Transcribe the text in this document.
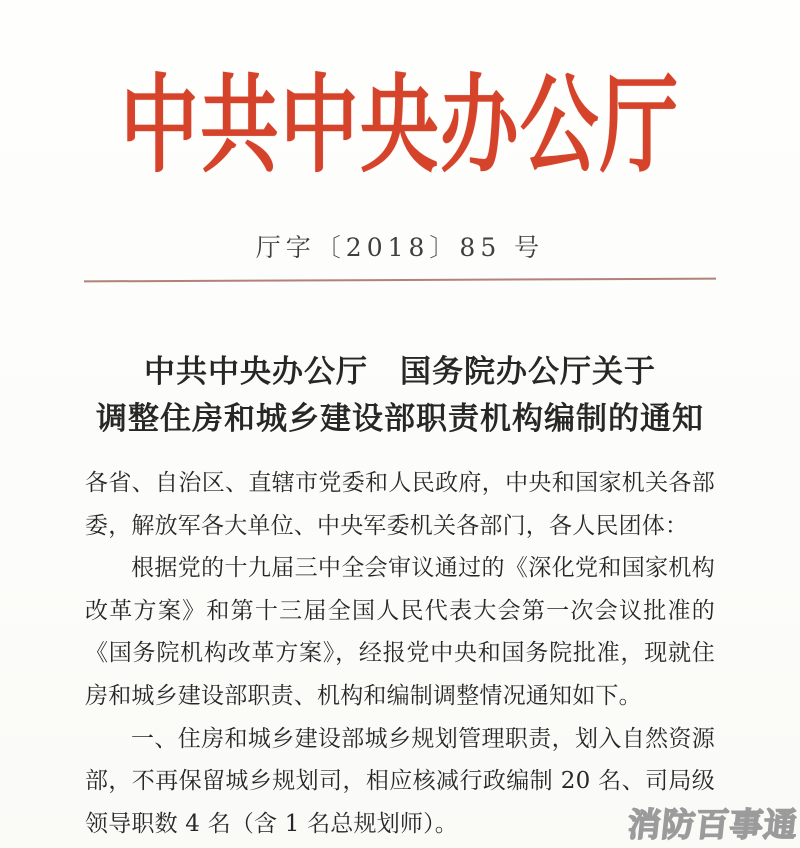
中共中央办公厅
厅字〔2018〕85 号
中共中央办公厅　国务院办公厅关于
调整住房和城乡建设部职责机构编制的通知

各省、自治区、直辖市党委和人民政府，中央和国家机关各部委，解放军各大单位、中央军委机关各部门，各人民团体：

根据党的十九届三中全会审议通过的《深化党和国家机构改革方案》和第十三届全国人民代表大会第一次会议批准的《国务院机构改革方案》，经报党中央和国务院批准，现就住房和城乡建设部职责、机构和编制调整情况通知如下。

一、住房和城乡建设部城乡规划管理职责，划入自然资源部，不再保留城乡规划司，相应核减行政编制 20 名、司局级领导职数 4 名（含 1 名总规划师）。	消防百事通
